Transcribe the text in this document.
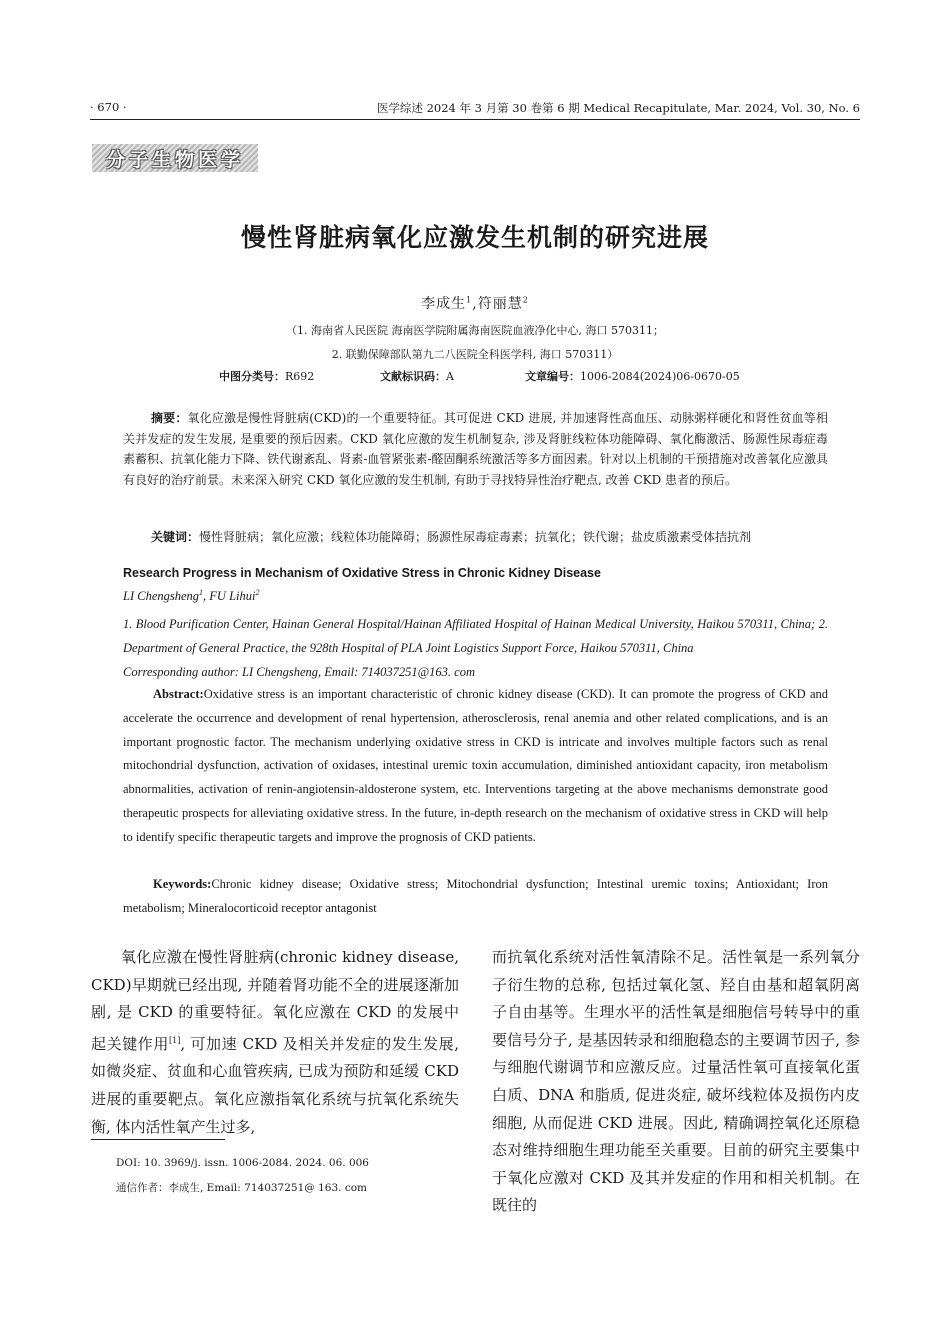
· 670 ·	医学综述 2024 年 3 月第 30 卷第 6 期 Medical Recapitulate, Mar. 2024, Vol. 30, No. 6
分子生物医学
慢性肾脏病氧化应激发生机制的研究进展
李成生$^1$,符丽慧$^2$
（1. 海南省人民医院 海南医学院附属海南医院血液净化中心, 海口 570311；
2. 联勤保障部队第九二八医院全科医学科, 海口 570311）
中图分类号：R692	文献标识码：A	文章编号：1006-2084(2024)06-0670-05
摘要：氧化应激是慢性肾脏病(CKD)的一个重要特征。其可促进 CKD 进展, 并加速肾性高血压、动脉粥样硬化和肾性贫血等相关并发症的发生发展, 是重要的预后因素。CKD 氧化应激的发生机制复杂, 涉及肾脏线粒体功能障碍、氧化酶激活、肠源性尿毒症毒素蓄积、抗氧化能力下降、铁代谢紊乱、肾素-血管紧张素-醛固酮系统激活等多方面因素。针对以上机制的干预措施对改善氧化应激具有良好的治疗前景。未来深入研究 CKD 氧化应激的发生机制, 有助于寻找特异性治疗靶点, 改善 CKD 患者的预后。
关键词：慢性肾脏病；氧化应激；线粒体功能障碍；肠源性尿毒症毒素；抗氧化；铁代谢；盐皮质激素受体拮抗剂
Research Progress in Mechanism of Oxidative Stress in Chronic Kidney Disease
LI Chengsheng$^1$, FU Lihui$^2$
1. Blood Purification Center, Hainan General Hospital/Hainan Affiliated Hospital of Hainan Medical University, Haikou 570311, China; 2. Department of General Practice, the 928th Hospital of PLA Joint Logistics Support Force, Haikou 570311, China
Corresponding author: LI Chengsheng, Email: 714037251@163. com
Abstract:Oxidative stress is an important characteristic of chronic kidney disease (CKD). It can promote the progress of CKD and accelerate the occurrence and development of renal hypertension, atherosclerosis, renal anemia and other related complications, and is an important prognostic factor. The mechanism underlying oxidative stress in CKD is intricate and involves multiple factors such as renal mitochondrial dysfunction, activation of oxidases, intestinal uremic toxin accumulation, diminished antioxidant capacity, iron metabolism abnormalities, activation of renin-angiotensin-aldosterone system, etc. Interventions targeting at the above mechanisms demonstrate good therapeutic prospects for alleviating oxidative stress. In the future, in-depth research on the mechanism of oxidative stress in CKD will help to identify specific therapeutic targets and improve the prognosis of CKD patients.
Keywords:Chronic kidney disease; Oxidative stress; Mitochondrial dysfunction; Intestinal uremic toxins; Antioxidant; Iron metabolism; Mineralocorticoid receptor antagonist
氧化应激在慢性肾脏病(chronic kidney disease, CKD)早期就已经出现, 并随着肾功能不全的进展逐渐加剧, 是 CKD 的重要特征。氧化应激在 CKD 的发展中起关键作用[1], 可加速 CKD 及相关并发症的发生发展, 如微炎症、贫血和心血管疾病, 已成为预防和延缓 CKD 进展的重要靶点。氧化应激指氧化系统与抗氧化系统失衡, 体内活性氧产生过多,
而抗氧化系统对活性氧清除不足。活性氧是一系列氧分子衍生物的总称, 包括过氧化氢、羟自由基和超氧阴离子自由基等。生理水平的活性氧是细胞信号转导中的重要信号分子, 是基因转录和细胞稳态的主要调节因子, 参与细胞代谢调节和应激反应。过量活性氧可直接氧化蛋白质、DNA 和脂质, 促进炎症, 破坏线粒体及损伤内皮细胞, 从而促进 CKD 进展。因此, 精确调控氧化还原稳态对维持细胞生理功能至关重要。目前的研究主要集中于氧化应激对 CKD 及其并发症的作用和相关机制。在既往的
DOI: 10. 3969/j. issn. 1006-2084. 2024. 06. 006
通信作者：李成生, Email: 714037251@ 163. com
